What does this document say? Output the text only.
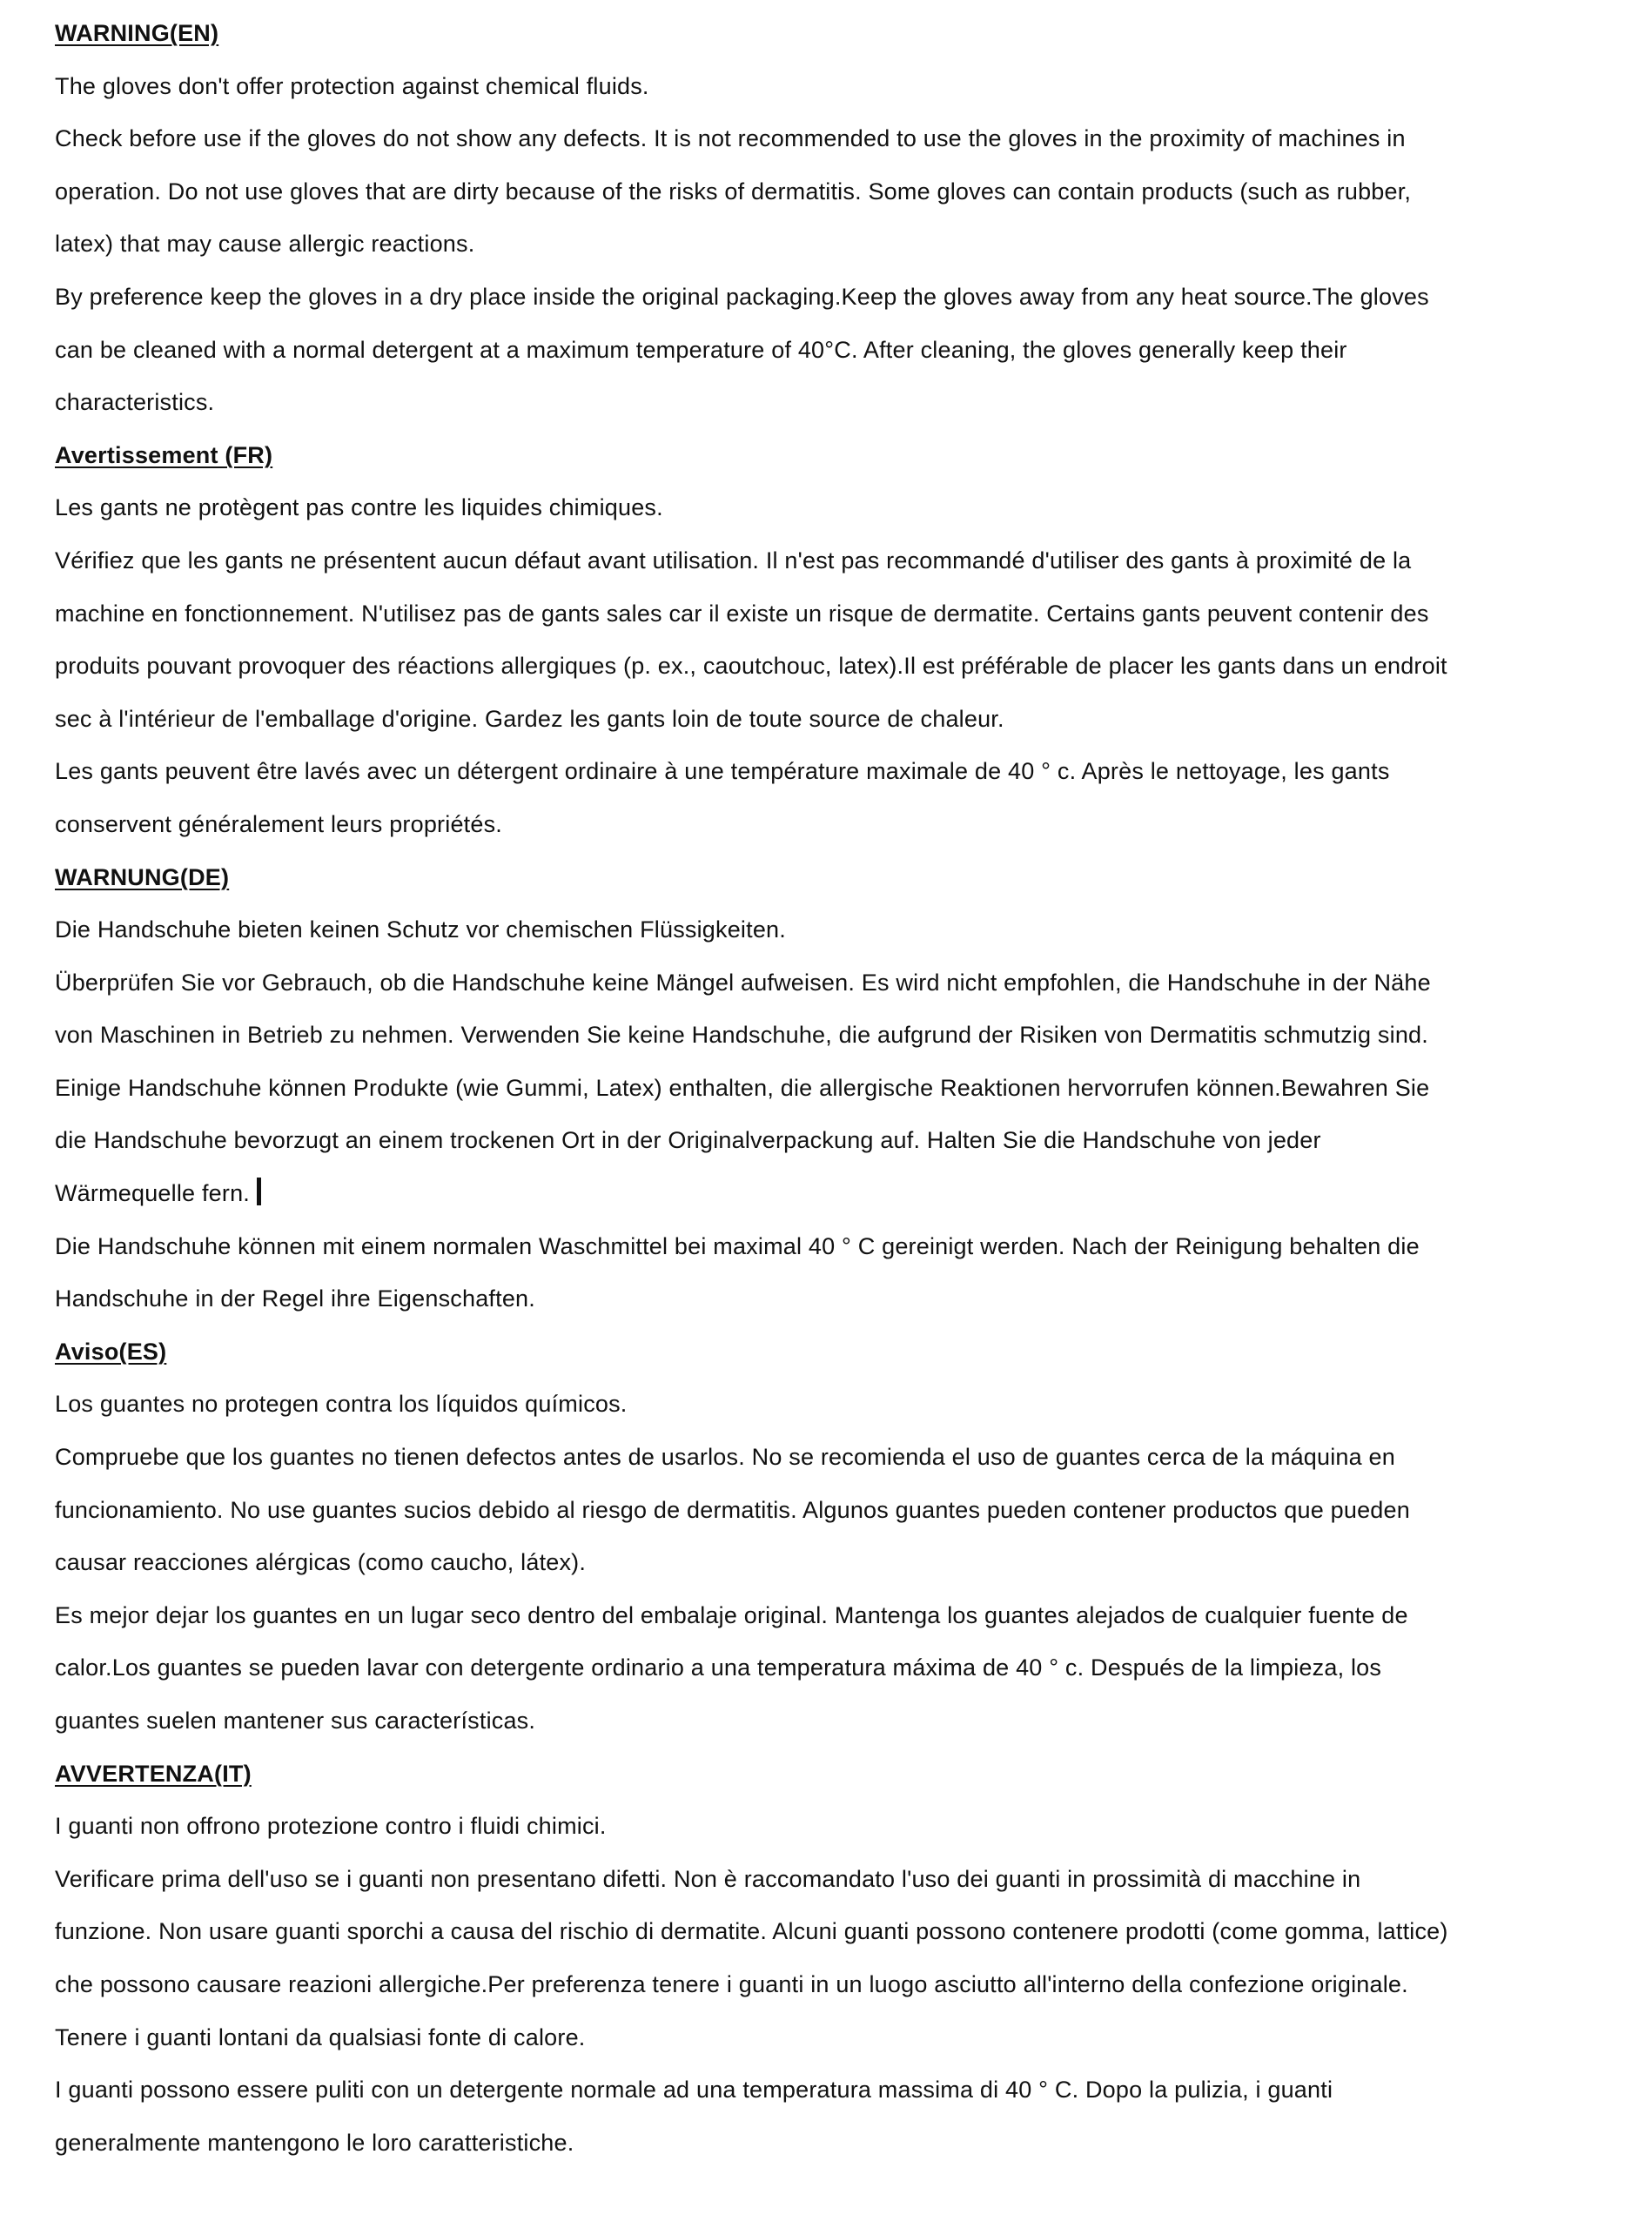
WARNING(EN)

The gloves don't offer protection against chemical fluids.

Check before use if the gloves do not show any defects. It is not recommended to use the gloves in the proximity of machines in operation. Do not use gloves that are dirty because of the risks of dermatitis. Some gloves can contain products (such as rubber, latex) that may cause allergic reactions.

By preference keep the gloves in a dry place inside the original packaging.Keep the gloves away from any heat source.The gloves can be cleaned with a normal detergent at a maximum temperature of 40°C. After cleaning, the gloves generally keep their characteristics.

Avertissement (FR)

Les gants ne protègent pas contre les liquides chimiques.

Vérifiez que les gants ne présentent aucun défaut avant utilisation. Il n'est pas recommandé d'utiliser des gants à proximité de la machine en fonctionnement. N'utilisez pas de gants sales car il existe un risque de dermatite. Certains gants peuvent contenir des produits pouvant provoquer des réactions allergiques (p. ex., caoutchouc, latex).Il est préférable de placer les gants dans un endroit sec à l'intérieur de l'emballage d'origine. Gardez les gants loin de toute source de chaleur.

Les gants peuvent être lavés avec un détergent ordinaire à une température maximale de 40 ° c. Après le nettoyage, les gants conservent généralement leurs propriétés.

WARNUNG(DE)

Die Handschuhe bieten keinen Schutz vor chemischen Flüssigkeiten.

Überprüfen Sie vor Gebrauch, ob die Handschuhe keine Mängel aufweisen. Es wird nicht empfohlen, die Handschuhe in der Nähe von Maschinen in Betrieb zu nehmen. Verwenden Sie keine Handschuhe, die aufgrund der Risiken von Dermatitis schmutzig sind. Einige Handschuhe können Produkte (wie Gummi, Latex) enthalten, die allergische Reaktionen hervorrufen können.Bewahren Sie die Handschuhe bevorzugt an einem trockenen Ort in der Originalverpackung auf. Halten Sie die Handschuhe von jeder Wärmequelle fern.

Die Handschuhe können mit einem normalen Waschmittel bei maximal 40 ° C gereinigt werden. Nach der Reinigung behalten die Handschuhe in der Regel ihre Eigenschaften.

Aviso(ES)

Los guantes no protegen contra los líquidos químicos.

Compruebe que los guantes no tienen defectos antes de usarlos. No se recomienda el uso de guantes cerca de la máquina en funcionamiento. No use guantes sucios debido al riesgo de dermatitis. Algunos guantes pueden contener productos que pueden causar reacciones alérgicas (como caucho, látex).

Es mejor dejar los guantes en un lugar seco dentro del embalaje original. Mantenga los guantes alejados de cualquier fuente de calor.Los guantes se pueden lavar con detergente ordinario a una temperatura máxima de 40 ° c. Después de la limpieza, los guantes suelen mantener sus características.

AVVERTENZA(IT)

I guanti non offrono protezione contro i fluidi chimici.

Verificare prima dell'uso se i guanti non presentano difetti. Non è raccomandato l'uso dei guanti in prossimità di macchine in funzione. Non usare guanti sporchi a causa del rischio di dermatite. Alcuni guanti possono contenere prodotti (come gomma, lattice) che possono causare reazioni allergiche.Per preferenza tenere i guanti in un luogo asciutto all'interno della confezione originale. Tenere i guanti lontani da qualsiasi fonte di calore.

I guanti possono essere puliti con un detergente normale ad una temperatura massima di 40 ° C. Dopo la pulizia, i guanti generalmente mantengono le loro caratteristiche.
